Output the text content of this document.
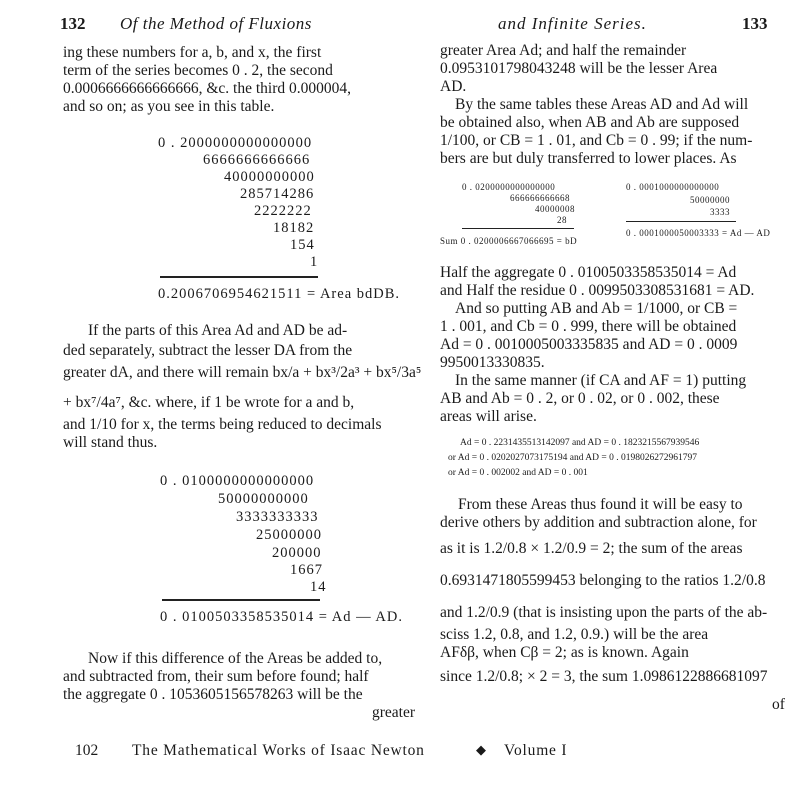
132 Of the Method of Fluxions	and Infinite Series.	133
ing these numbers for a, b, and x, the first
term of the series becomes 0 . 2, the second
0.0006666666666666, &c. the third 0.000004,
and so on; as you see in this table.
0 . 2000000000000000
6666666666666
40000000000
285714286
2222222
18182
154
1
0.2006706954621511 = Area bdDB.
If the parts of this Area Ad and AD be ad-
ded separately, subtract the lesser DA from the
greater dA, and there will remain bx/a + bx³/2a³ + bx⁵/3a⁵
+ bx⁷/4a⁷, &c. where, if 1 be wrote for a and b,
and 1/10 for x, the terms being reduced to decimals
will stand thus.
0 . 0100000000000000
50000000000
3333333333
25000000
200000
1667
14
0 . 0100503358535014 = Ad — AD.
Now if this difference of the Areas be added to,
and subtracted from, their sum before found; half
the aggregate 0 . 1053605156578263 will be the
greater
greater Area Ad; and half the remainder
0.0953101798043248 will be the lesser Area
AD.
By the same tables these Areas AD and Ad will
be obtained also, when AB and Ab are supposed
1/100, or CB = 1 . 01, and Cb = 0 . 99; if the num-
bers are but duly transferred to lower places. As
0 . 0200000000000000
666666666668
40000008
28
Sum 0 . 0200006667066695 = bD
0 . 0001000000000000
50000000
3333
0 . 0001000050003333 = Ad — AD
Half the aggregate 0 . 0100503358535014 = Ad
and Half the residue 0 . 0099503308531681 = AD.
And so putting AB and Ab = 1/1000, or CB =
1 . 001, and Cb = 0 . 999, there will be obtained
Ad = 0 . 0010005003335835 and AD = 0 . 0009
9950013330835.
In the same manner (if CA and AF = 1) putting
AB and Ab = 0 . 2, or 0 . 02, or 0 . 002, these
areas will arise.
Ad = 0 . 2231435513142097 and AD = 0 . 1823215567939546
or Ad = 0 . 0202027073175194 and AD = 0 . 0198026272961797
or Ad = 0 . 002002 and AD = 0 . 001
From these Areas thus found it will be easy to
derive others by addition and subtraction alone, for
as it is 1.2/0.8 × 1.2/0.9 = 2; the sum of the areas
0.6931471805599453 belonging to the ratios 1.2/0.8
and 1.2/0.9 (that is insisting upon the parts of the ab-
sciss 1.2, 0.8, and 1.2, 0.9.) will be the area
AFδβ, when Cβ = 2; as is known. Again
since 1.2/0.8; × 2 = 3, the sum 1.0986122886681097
of
102 The Mathematical Works of Isaac Newton	◆ Volume I
